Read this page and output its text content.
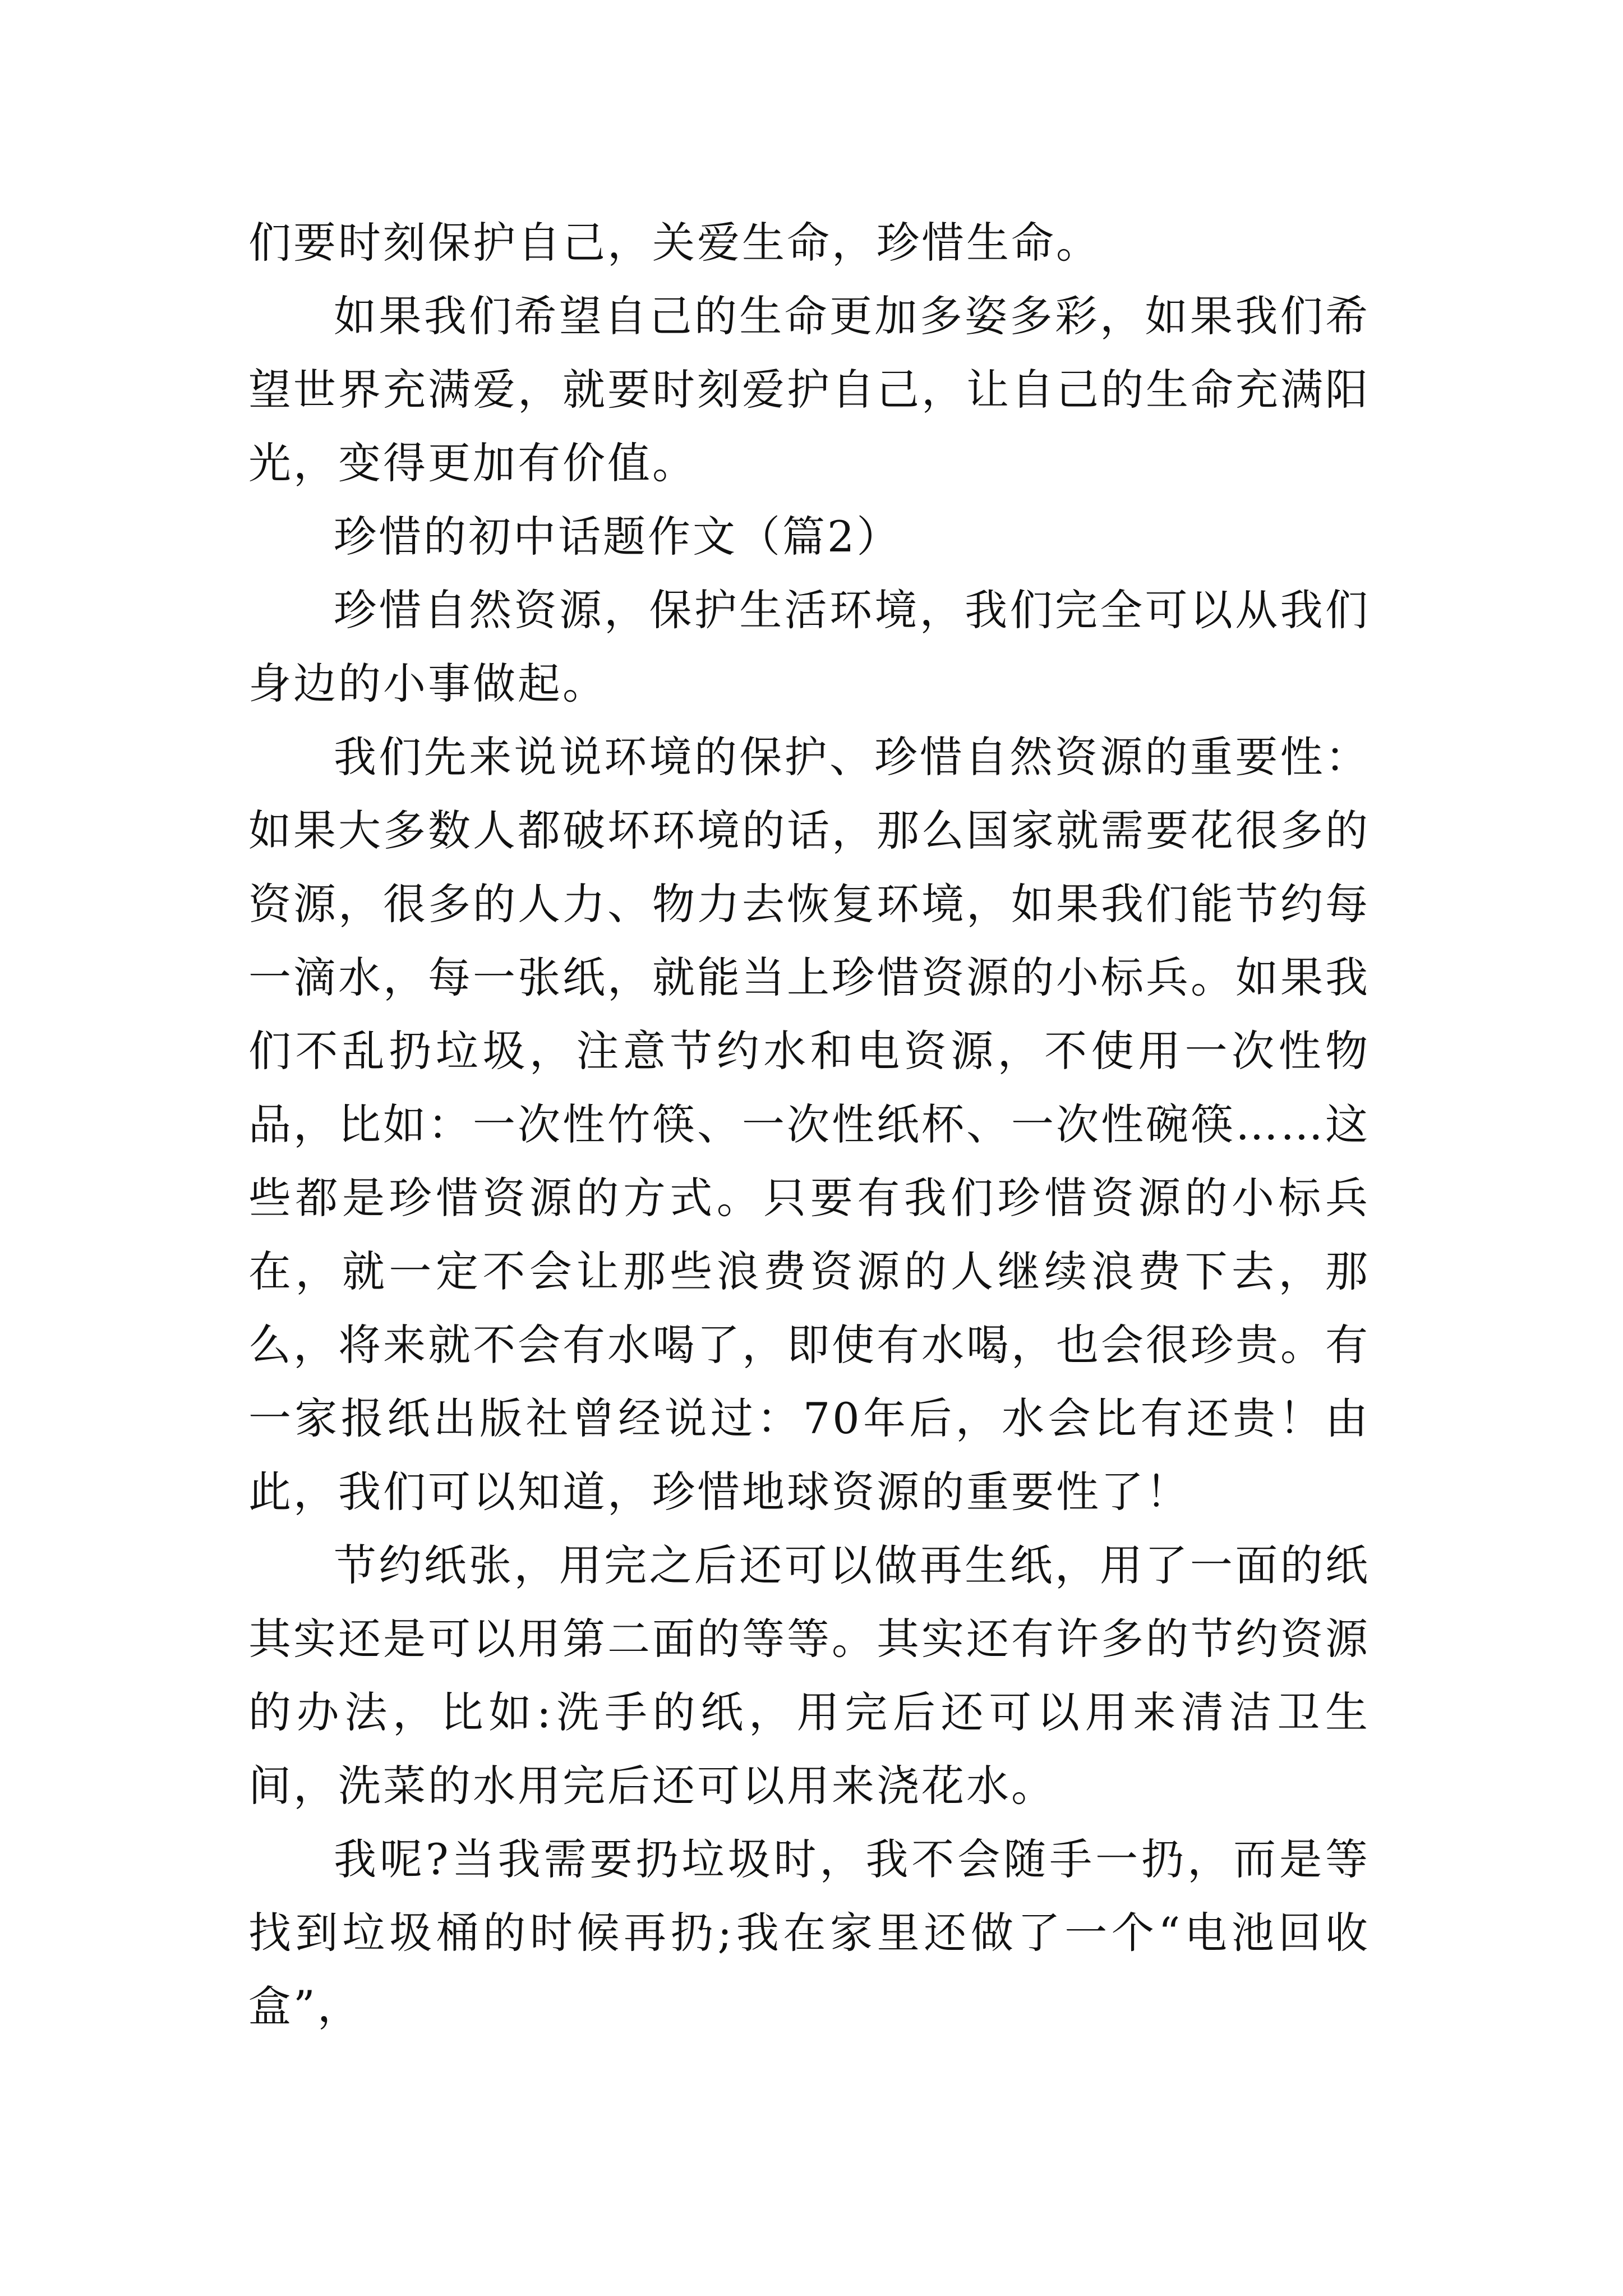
们要时刻保护自己，关爱生命，珍惜生命。

如果我们希望自己的生命更加多姿多彩，如果我们希望世界充满爱，就要时刻爱护自己，让自己的生命充满阳光，变得更加有价值。

珍惜的初中话题作文（篇2）

珍惜自然资源，保护生活环境，我们完全可以从我们身边的小事做起。

我们先来说说环境的保护、珍惜自然资源的重要性：如果大多数人都破坏环境的话，那么国家就需要花很多的资源，很多的人力、物力去恢复环境，如果我们能节约每一滴水，每一张纸，就能当上珍惜资源的小标兵。如果我们不乱扔垃圾，注意节约水和电资源，不使用一次性物品，比如：一次性竹筷、一次性纸杯、一次性碗筷……这些都是珍惜资源的方式。只要有我们珍惜资源的小标兵在，就一定不会让那些浪费资源的人继续浪费下去，那么，将来就不会有水喝了，即使有水喝，也会很珍贵。有一家报纸出版社曾经说过：70年后，水会比有还贵！由此，我们可以知道，珍惜地球资源的重要性了！

节约纸张，用完之后还可以做再生纸，用了一面的纸其实还是可以用第二面的等等。其实还有许多的节约资源的办法，比如:洗手的纸，用完后还可以用来清洁卫生间，洗菜的水用完后还可以用来浇花水。

我呢?当我需要扔垃圾时，我不会随手一扔，而是等找到垃圾桶的时候再扔;我在家里还做了一个“电池回收盒”，
